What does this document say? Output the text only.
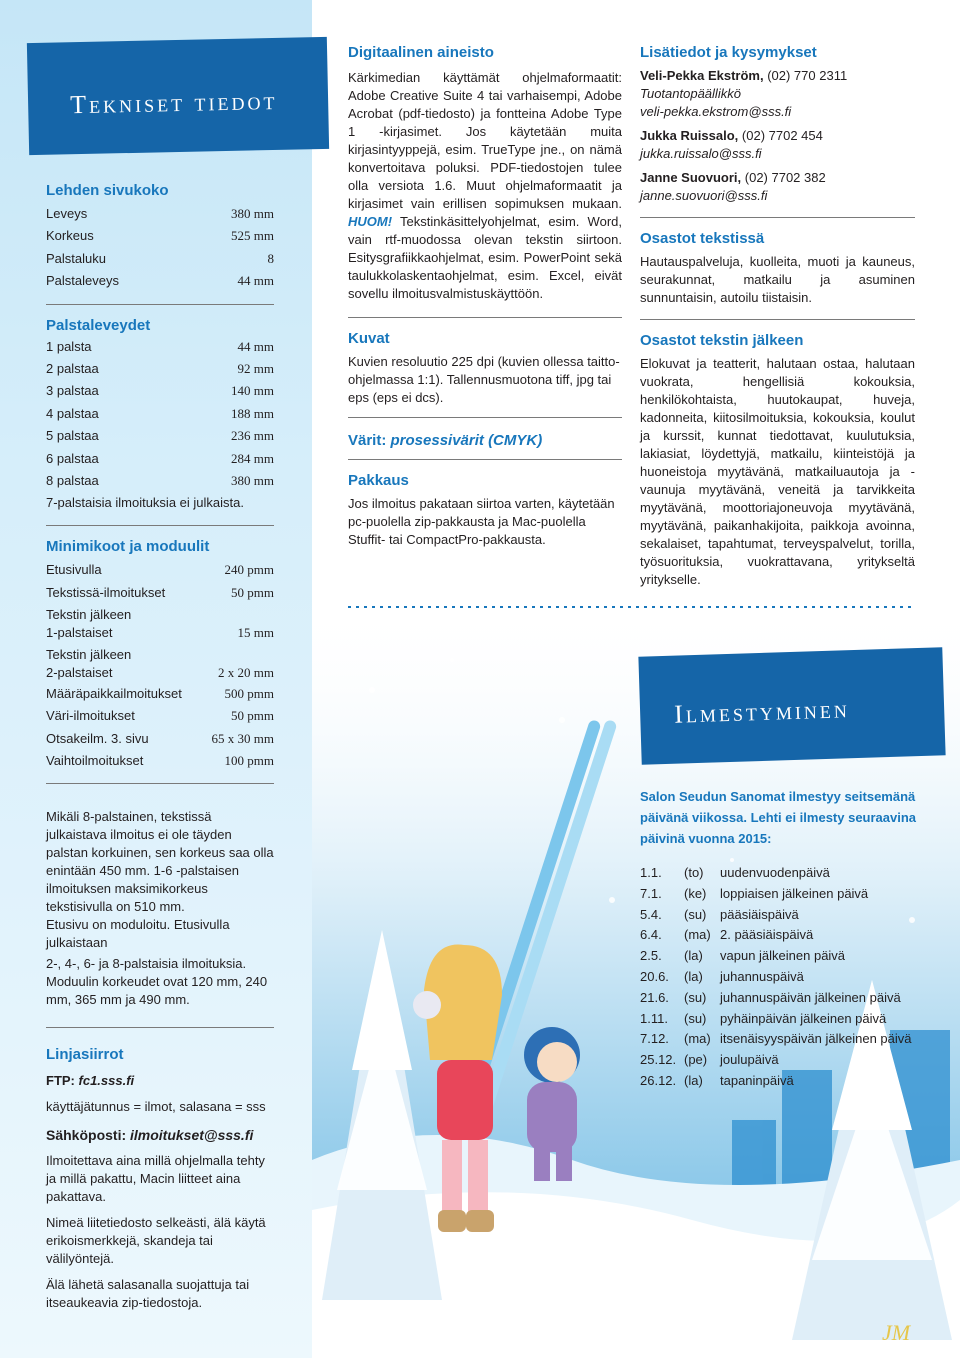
JM
Tekniset tiedot
Ilmestyminen
Lehden sivukoko
Leveys	380 mm
Korkeus	525 mm
Palstaluku	8
Palstaleveys	44 mm
Palstaleveydet
1 palsta	44 mm
2 palstaa	92 mm
3 palstaa	140 mm
4 palstaa	188 mm
5 palstaa	236 mm
6 palstaa	284 mm
8 palstaa	380 mm
7-palstaisia ilmoituksia ei julkaista.
Minimikoot ja moduulit
Etusivulla	240 pmm
Tekstissä-ilmoitukset	50 pmm
Tekstin jälkeen
1-palstaiset	15 mm
Tekstin jälkeen
2-palstaiset	2 x 20 mm
Määräpaikkailmoitukset	500 pmm
Väri-ilmoitukset	50 pmm
Otsakeilm. 3. sivu	65 x 30 mm
Vaihtoilmoitukset	100 pmm
Mikäli 8-palstainen, tekstissä julkaistava ilmoitus ei ole täyden palstan korkuinen, sen korkeus saa olla enintään 450 mm. 1-6 -palstaisen ilmoituksen maksimikorkeus tekstisivulla on 510 mm.
Etusivu on moduloitu. Etusivulla julkaistaan
2-, 4-, 6- ja 8-palstaisia ilmoituksia. Moduulin korkeudet ovat 120 mm, 240 mm, 365 mm ja 490 mm.
Linjasiirrot
FTP: fc1.sss.fi
käyttäjätunnus = ilmot, salasana = sss
Sähköposti: ilmoitukset@sss.fi
Ilmoitettava aina millä ohjelmalla tehty ja millä pakattu, Macin liitteet aina pakattava.
Nimeä liitetiedosto selkeästi, älä käytä erikoismerkkejä, skandeja tai välilyöntejä.
Älä lähetä salasanalla suojattuja tai itseaukeavia zip-tiedostoja.
Digitaalinen aineisto
Kärkimedian käyttämät ohjelmaformaatit: Adobe Creative Suite 4 tai varhaisempi, Adobe Acrobat (pdf-tiedosto) ja fontteina Adobe Type 1 -kirjasimet. Jos käytetään muita kirjasintyyppejä, esim. TrueType jne., on nämä konvertoitava poluksi. PDF-tiedostojen tulee olla versiota 1.6. Muut ohjelmaformaatit ja kirjasimet vain erillisen sopimuksen mukaan. HUOM! Tekstinkäsittelyohjelmat, esim. Word, vain rtf-muodossa olevan tekstin siirtoon. Esitysgrafiikkaohjelmat, esim. PowerPoint sekä taulukkolaskentaohjelmat, esim. Excel, eivät sovellu ilmoitusvalmistuskäyttöön.
Kuvat
Kuvien resoluutio 225 dpi (kuvien ollessa taitto-ohjelmassa 1:1). Tallennusmuotona tiff, jpg tai eps (eps ei dcs).
Värit: prosessivärit (CMYK)
Pakkaus
Jos ilmoitus pakataan siirtoa varten, käytetään pc-puolella zip-pakkausta ja Mac-puolella Stuffit- tai CompactPro-pakkausta.
Lisätiedot ja kysymykset
Veli-Pekka Ekström, (02) 770 2311
Tuotantopäällikkö
veli-pekka.ekstrom@sss.fi
Jukka Ruissalo, (02) 7702 454
jukka.ruissalo@sss.fi
Janne Suovuori, (02) 7702 382
janne.suovuori@sss.fi
Osastot tekstissä
Hautauspalveluja, kuolleita, muoti ja kauneus, seurakunnat, matkailu ja asuminen sunnuntaisin, autoilu tiistaisin.
Osastot tekstin jälkeen
Elokuvat ja teatterit, halutaan ostaa, halutaan vuokrata, hengellisiä kokouksia, henkilökohtaista, huutokaupat, huveja, kadonneita, kiitosilmoituksia, kokouksia, koulut ja kurssit, kunnat tiedottavat, kuulutuksia, lakiasiat, löydettyjä, matkailu, kiinteistöjä ja huoneistoja myytävänä, matkailuautoja ja -vaunuja myytävänä, veneitä ja tarvikkeita myytävänä, moottoriajoneuvoja myytävänä, myytävänä, paikanhakijoita, paikkoja avoinna, sekalaiset, tapahtumat, terveyspalvelut, torilla, työsuorituksia, vuokrattavana, yritykseltä yritykselle.
Salon Seudun Sanomat ilmestyy seitsemänä päivänä viikossa. Lehti ei ilmesty seuraavina päivinä vuonna 2015:
1.1.	(to)	uudenvuodenpäivä
7.1.	(ke)	loppiaisen jälkeinen päivä
5.4.	(su)	pääsiäispäivä
6.4.	(ma) 2. pääsiäispäivä
2.5.	(la)	vapun jälkeinen päivä
20.6.	(la)	juhannuspäivä
21.6.	(su)	juhannuspäivän jälkeinen päivä
1.11.	(su)	pyhäinpäivän jälkeinen päivä
7.12.	(ma) itsenäisyyspäivän jälkeinen päivä
25.12. (pe) joulupäivä
26.12. (la)	tapaninpäivä
